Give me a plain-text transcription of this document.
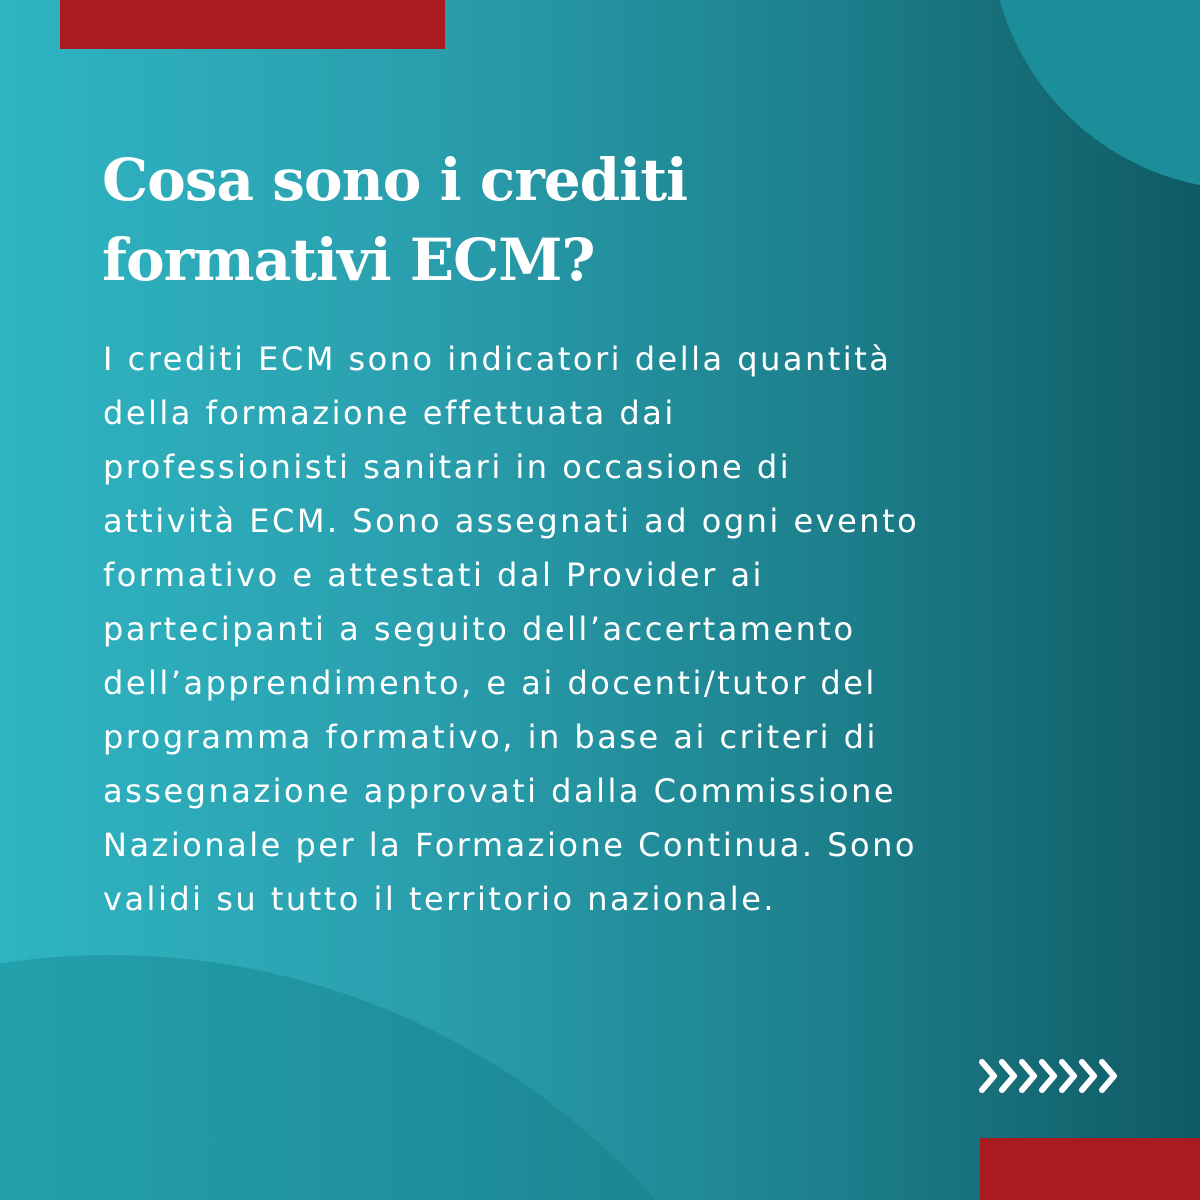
Cosa sono i crediti
formativi ECM?

I crediti ECM sono indicatori della quantità
della formazione effettuata dai
professionisti sanitari in occasione di
attività ECM. Sono assegnati ad ogni evento
formativo e attestati dal Provider ai
partecipanti a seguito dell’accertamento
dell’apprendimento, e ai docenti/tutor del
programma formativo, in base ai criteri di
assegnazione approvati dalla Commissione
Nazionale per la Formazione Continua. Sono
validi su tutto il territorio nazionale.
